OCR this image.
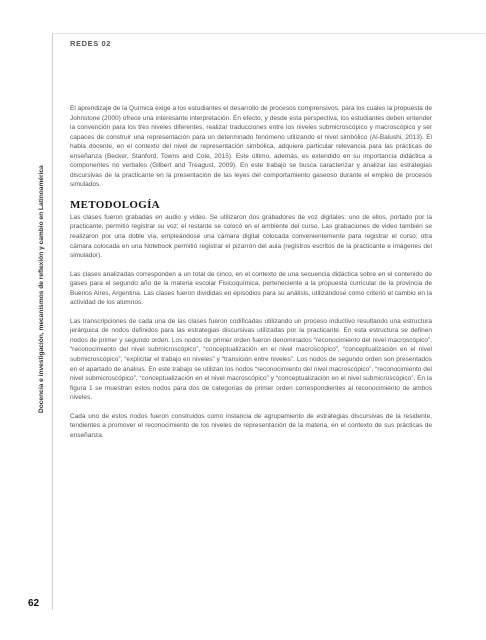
REDES 02
Docencia e investigación, mecanismos de reflexión y cambio en Latinoamérica

El aprendizaje de la Química exige a los estudiantes el desarrollo de procesos comprensivos, para los cuales la propuesta de Johnstone (2000) ofrece una interesante interpretación. En efecto, y desde esta perspectiva, los estudiantes deben entender la convención para los tres niveles diferentes, realizar traducciones entre los niveles submicroscópico y macroscópico y ser capaces de construir una representación para un determinado fenómeno utilizando el nivel simbólico (Al-Balushi, 2013). El habla docente, en el contexto del nivel de representación simbólica, adquiere particular relevancia para las prácticas de enseñanza (Becker, Stanford, Towns and Cole, 2015). Este último, además, es extendido en su importancia didáctica a componentes no verbales (Gilbert and Treagust, 2009). En este trabajo se busca caracterizar y analizar las estrategias discursivas de la practicante en la presentación de las leyes del comportamiento gaseoso durante el empleo de procesos simulados.

METODOLOGÍA

Las clases fueron grabadas en audio y video. Se utilizaron dos grabadores de voz digitales: uno de ellos, portado por la practicante, permitió registrar su voz; el restante se colocó en el ambiente del curso. Las grabaciones de video también se realizaron por una doble vía, empleándose una cámara digital colocada convenientemente para registrar el curso; otra cámara colocada en una Notebook permitió registrar el pizarrón del aula (registros escritos de la practicante e imágenes del simulador).

Las clases analizadas corresponden a un total de cinco, en el contexto de una secuencia didáctica sobre en el contenido de gases para el segundo año de la materia escolar Fisicoquímica, perteneciente a la propuesta curricular de la provincia de Buenos Aires, Argentina. Las clases fueron divididas en episodios para su análisis, utilizándose como criterio el cambio en la actividad de los alumnos.

Las transcripciones de cada una de las clases fueron codificadas utilizando un proceso inductivo resultando una estructura jerárquica de nodos definidos para las estrategias discursivas utilizadas por la practicante. En esta estructura se definen nodos de primer y segundo orden. Los nodos de primer orden fueron denominados “reconocimiento del nivel macroscópico”, “reconocimiento del nivel submicroscópico”, “conceptualización en el nivel macroscópico”, “conceptualización en el nivel submicroscópico”, “explicitar el trabajo en niveles” y “transición entre niveles”. Los nodos de segundo orden son presentados en el apartado de análisis. En este trabajo se utilizan los nodos “reconocimiento del nivel macroscópico”, “reconocimiento del nivel submicroscópico”, “conceptualización en el nivel macroscópico” y “conceptualización en el nivel submicroscópico”. En la figura 1 se muestran estos nodos para dos de categorías de primer orden correspondientes al reconocimiento de ambos niveles.

Cada uno de estos nodos fueron construidos como instancia de agrupamiento de estrategias discursivas de la residente, tendientes a promover el reconocimiento de los niveles de representación de la materia, en el contexto de sus prácticas de enseñanza.

62
